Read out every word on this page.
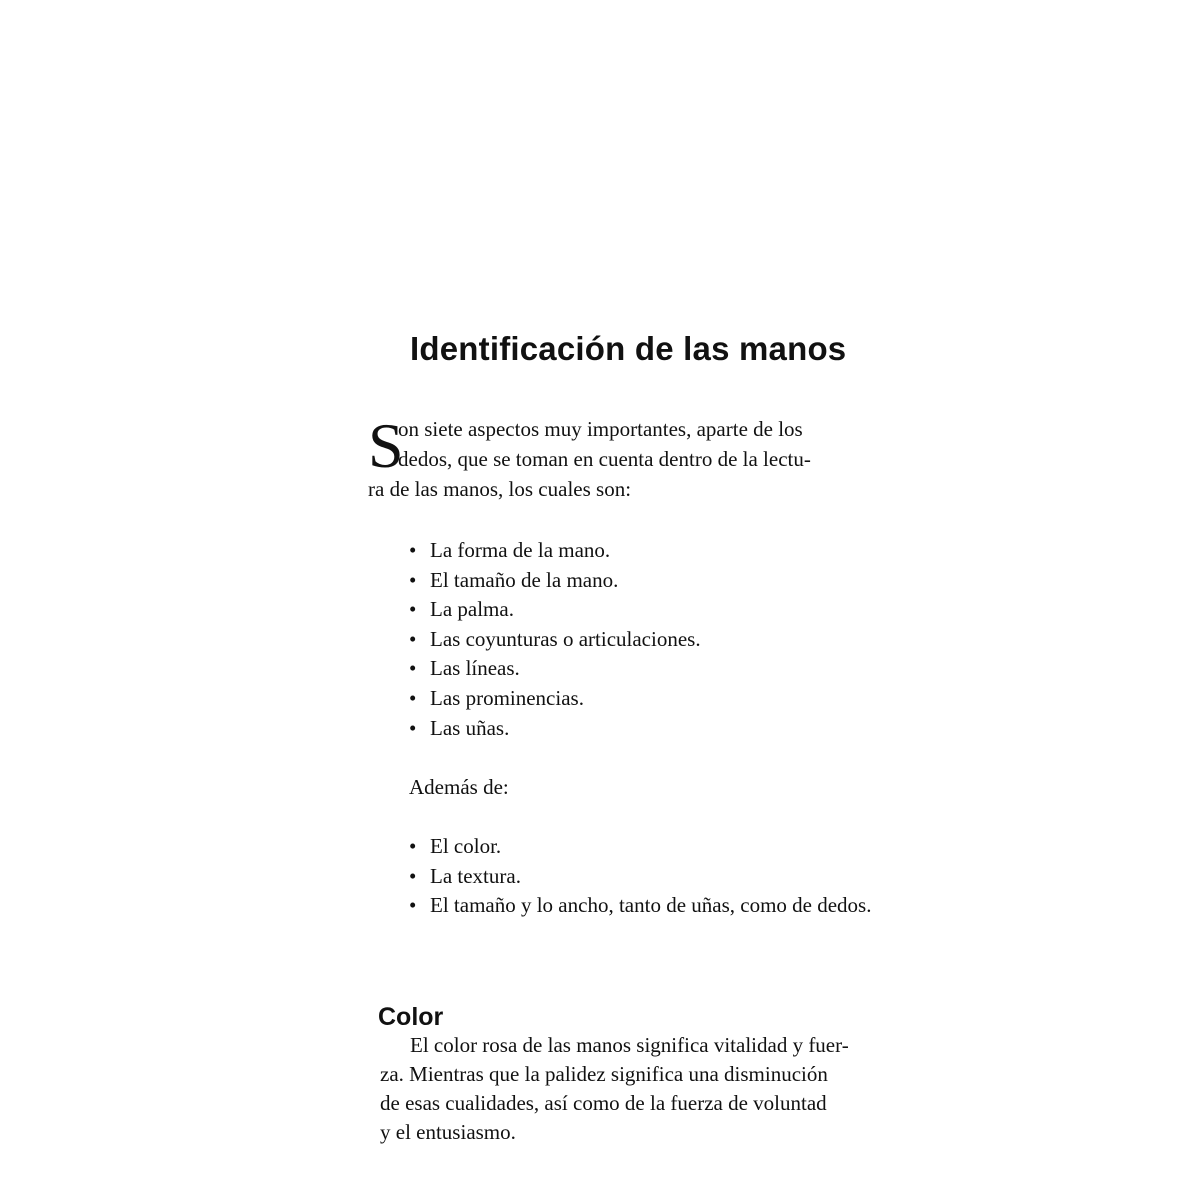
Identificación de las manos
S
on siete aspectos muy importantes, aparte de los
dedos, que se toman en cuenta dentro de la lectu-
ra de las manos, los cuales son:
• La forma de la mano.
• El tamaño de la mano.
• La palma.
• Las coyunturas o articulaciones.
• Las líneas.
• Las prominencias.
• Las uñas.
Además de:
• El color.
• La textura.
• El tamaño y lo ancho, tanto de uñas, como de dedos.
Color
El color rosa de las manos significa vitalidad y fuer-
za. Mientras que la palidez significa una disminución
de esas cualidades, así como de la fuerza de voluntad
y el entusiasmo.
